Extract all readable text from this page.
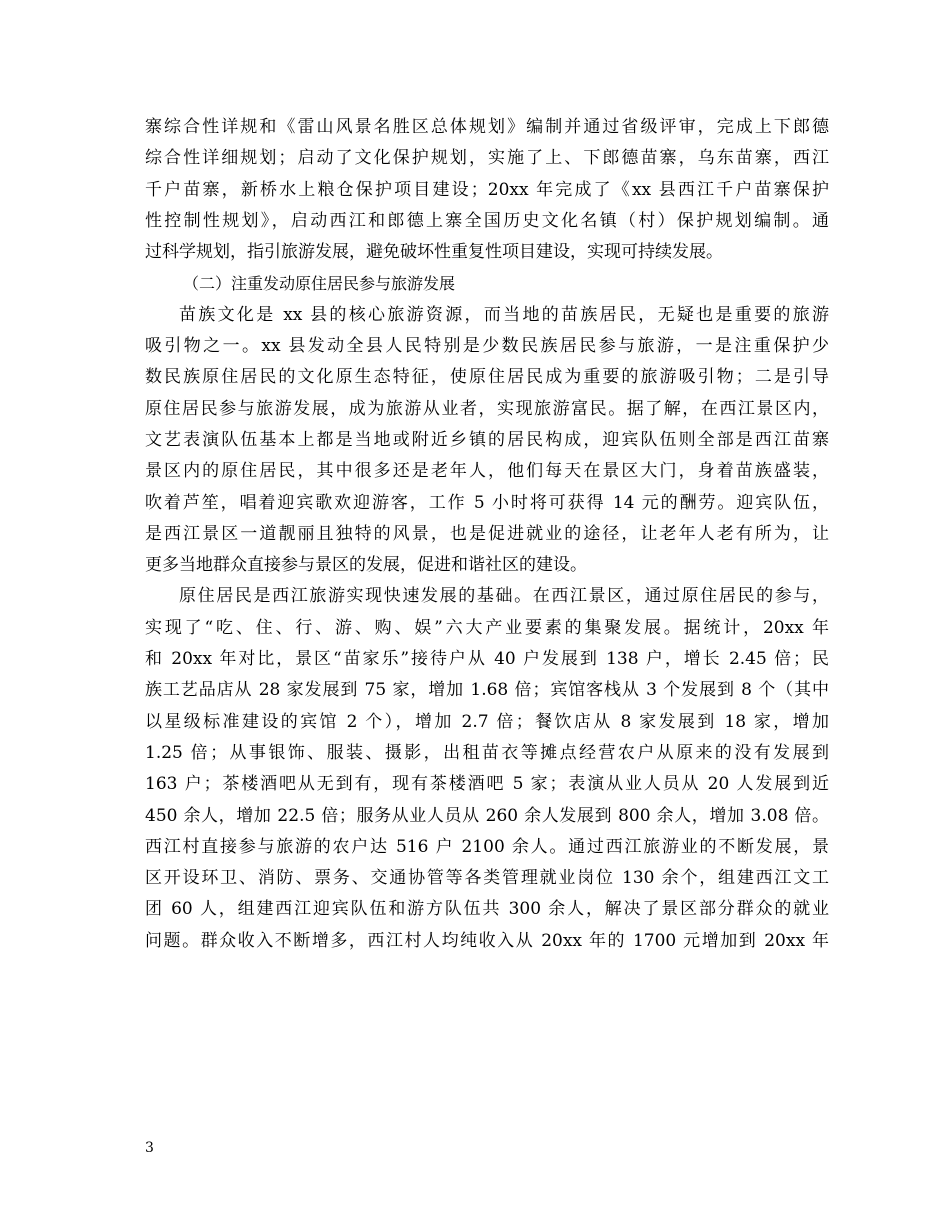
寨综合性详规和《雷山风景名胜区总体规划》编制并通过省级评审，完成上下郎德
综合性详细规划；启动了文化保护规划，实施了上、下郎德苗寨，乌东苗寨，西江
千户苗寨，新桥水上粮仓保护项目建设；20xx 年完成了《xx 县西江千户苗寨保护
性控制性规划》，启动西江和郎德上寨全国历史文化名镇（村）保护规划编制。通
过科学规划，指引旅游发展，避免破坏性重复性项目建设，实现可持续发展。
（二）注重发动原住居民参与旅游发展
苗族文化是 xx 县的核心旅游资源，而当地的苗族居民，无疑也是重要的旅游
吸引物之一。xx 县发动全县人民特别是少数民族居民参与旅游，一是注重保护少
数民族原住居民的文化原生态特征，使原住居民成为重要的旅游吸引物；二是引导
原住居民参与旅游发展，成为旅游从业者，实现旅游富民。据了解，在西江景区内，
文艺表演队伍基本上都是当地或附近乡镇的居民构成，迎宾队伍则全部是西江苗寨
景区内的原住居民，其中很多还是老年人，他们每天在景区大门，身着苗族盛装，
吹着芦笙，唱着迎宾歌欢迎游客，工作 5 小时将可获得 14 元的酬劳。迎宾队伍，
是西江景区一道靓丽且独特的风景，也是促进就业的途径，让老年人老有所为，让
更多当地群众直接参与景区的发展，促进和谐社区的建设。
原住居民是西江旅游实现快速发展的基础。在西江景区，通过原住居民的参与，
实现了“吃、住、行、游、购、娱”六大产业要素的集聚发展。据统计，20xx 年
和 20xx 年对比，景区“苗家乐”接待户从 40 户发展到 138 户，增长 2.45 倍；民
族工艺品店从 28 家发展到 75 家，增加 1.68 倍；宾馆客栈从 3 个发展到 8 个（其中
以星级标准建设的宾馆 2 个），增加 2.7 倍；餐饮店从 8 家发展到 18 家，增加
1.25 倍；从事银饰、服装、摄影，出租苗衣等摊点经营农户从原来的没有发展到
163 户；茶楼酒吧从无到有，现有茶楼酒吧 5 家；表演从业人员从 20 人发展到近
450 余人，增加 22.5 倍；服务从业人员从 260 余人发展到 800 余人，增加 3.08 倍。
西江村直接参与旅游的农户达 516 户 2100 余人。通过西江旅游业的不断发展，景
区开设环卫、消防、票务、交通协管等各类管理就业岗位 130 余个，组建西江文工
团 60 人，组建西江迎宾队伍和游方队伍共 300 余人，解决了景区部分群众的就业
问题。群众收入不断增多，西江村人均纯收入从 20xx 年的 1700 元增加到 20xx 年
3
